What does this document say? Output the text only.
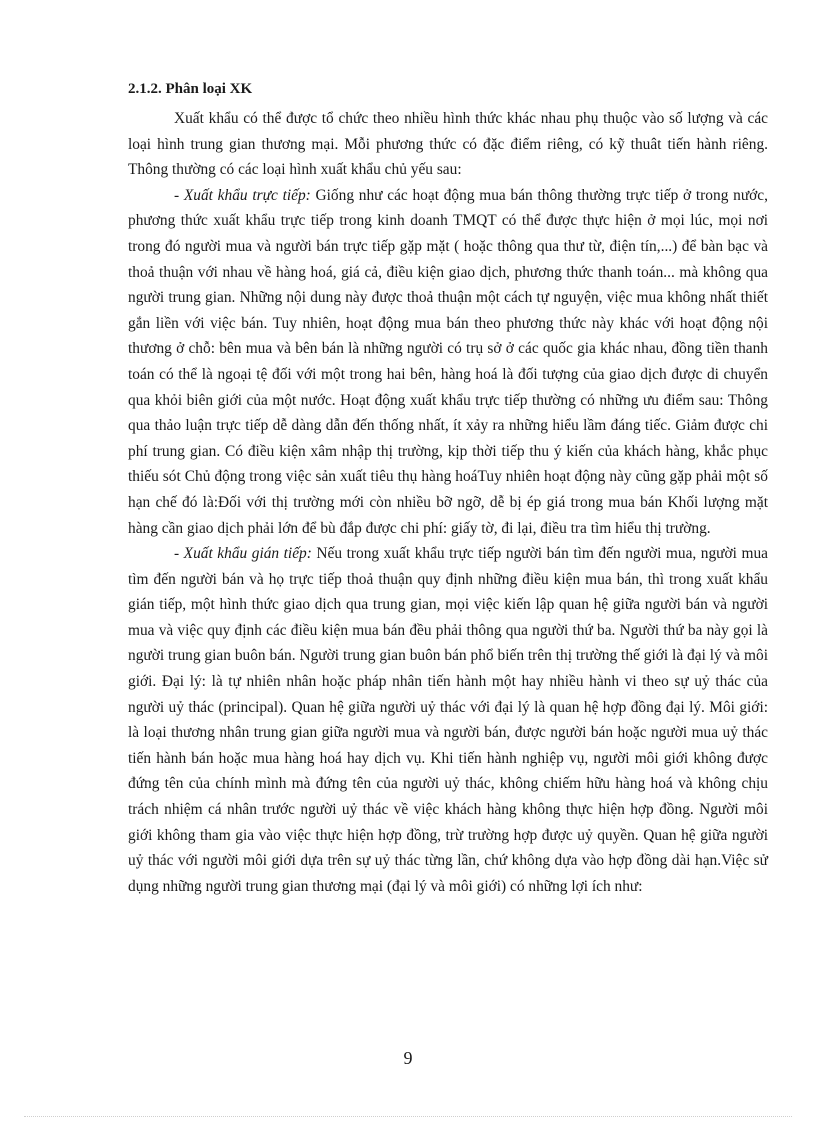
2.1.2. Phân loại XK

Xuất khẩu có thể được tổ chức theo nhiều hình thức khác nhau phụ thuộc vào số lượng và các loại hình trung gian thương mại. Mỗi phương thức có đặc điểm riêng, có kỹ thuât tiến hành riêng. Thông thường có các loại hình xuất khẩu chủ yếu sau:

- Xuất khẩu trực tiếp: Giống như các hoạt động mua bán thông thường trực tiếp ở trong nước, phương thức xuất khẩu trực tiếp trong kinh doanh TMQT có thể được thực hiện ở mọi lúc, mọi nơi trong đó người mua và người bán trực tiếp gặp mặt ( hoặc thông qua thư từ, điện tín,...) để bàn bạc và thoả thuận với nhau về hàng hoá, giá cả, điều kiện giao dịch, phương thức thanh toán... mà không qua người trung gian. Những nội dung này được thoả thuận một cách tự nguyện, việc mua không nhất thiết gắn liền với việc bán. Tuy nhiên, hoạt động mua bán theo phương thức này khác với hoạt động nội thương ở chỗ: bên mua và bên bán là những người có trụ sở ở các quốc gia khác nhau, đồng tiền thanh toán có thể là ngoại tệ đối với một trong hai bên, hàng hoá là đối tượng của giao dịch được di chuyển qua khỏi biên giới của một nước. Hoạt động xuất khẩu trực tiếp thường có những ưu điểm sau: Thông qua thảo luận trực tiếp dễ dàng dẫn đến thống nhất, ít xảy ra những hiểu lầm đáng tiếc. Giảm được chi phí trung gian. Có điều kiện xâm nhập thị trường, kịp thời tiếp thu ý kiến của khách hàng, khắc phục thiếu sót Chủ động trong việc sản xuất tiêu thụ hàng hoáTuy nhiên hoạt động này cũng gặp phải một số hạn chế đó là:Đối với thị trường mới còn nhiều bỡ ngỡ, dễ bị ép giá trong mua bán Khối lượng mặt hàng cần giao dịch phải lớn để bù đắp được chi phí: giấy tờ, đi lại, điều tra tìm hiểu thị trường.

- Xuất khẩu gián tiếp: Nếu trong xuất khẩu trực tiếp người bán tìm đến người mua, người mua tìm đến người bán và họ trực tiếp thoả thuận quy định những điều kiện mua bán, thì trong xuất khẩu gián tiếp, một hình thức giao dịch qua trung gian, mọi việc kiến lập quan hệ giữa người bán và người mua và việc quy định các điều kiện mua bán đều phải thông qua người thứ ba. Người thứ ba này gọi là người trung gian buôn bán. Người trung gian buôn bán phổ biến trên thị trường thế giới là đại lý và môi giới. Đại lý: là tự nhiên nhân hoặc pháp nhân tiến hành một hay nhiều hành vi theo sự uỷ thác của người uỷ thác (principal). Quan hệ giữa người uỷ thác với đại lý là quan hệ hợp đồng đại lý. Môi giới: là loại thương nhân trung gian giữa người mua và người bán, được người bán hoặc người mua uỷ thác tiến hành bán hoặc mua hàng hoá hay dịch vụ. Khi tiến hành nghiệp vụ, người môi giới không được đứng tên của chính mình mà đứng tên của người uỷ thác, không chiếm hữu hàng hoá và không chịu trách nhiệm cá nhân trước người uỷ thác về việc khách hàng không thực hiện hợp đồng. Người môi giới không tham gia vào việc thực hiện hợp đồng, trừ trường hợp được uỷ quyền. Quan hệ giữa người uỷ thác với người môi giới dựa trên sự uỷ thác từng lần, chứ không dựa vào hợp đồng dài hạn.Việc sử dụng những người trung gian thương mại (đại lý và môi giới) có những lợi ích như:

9
